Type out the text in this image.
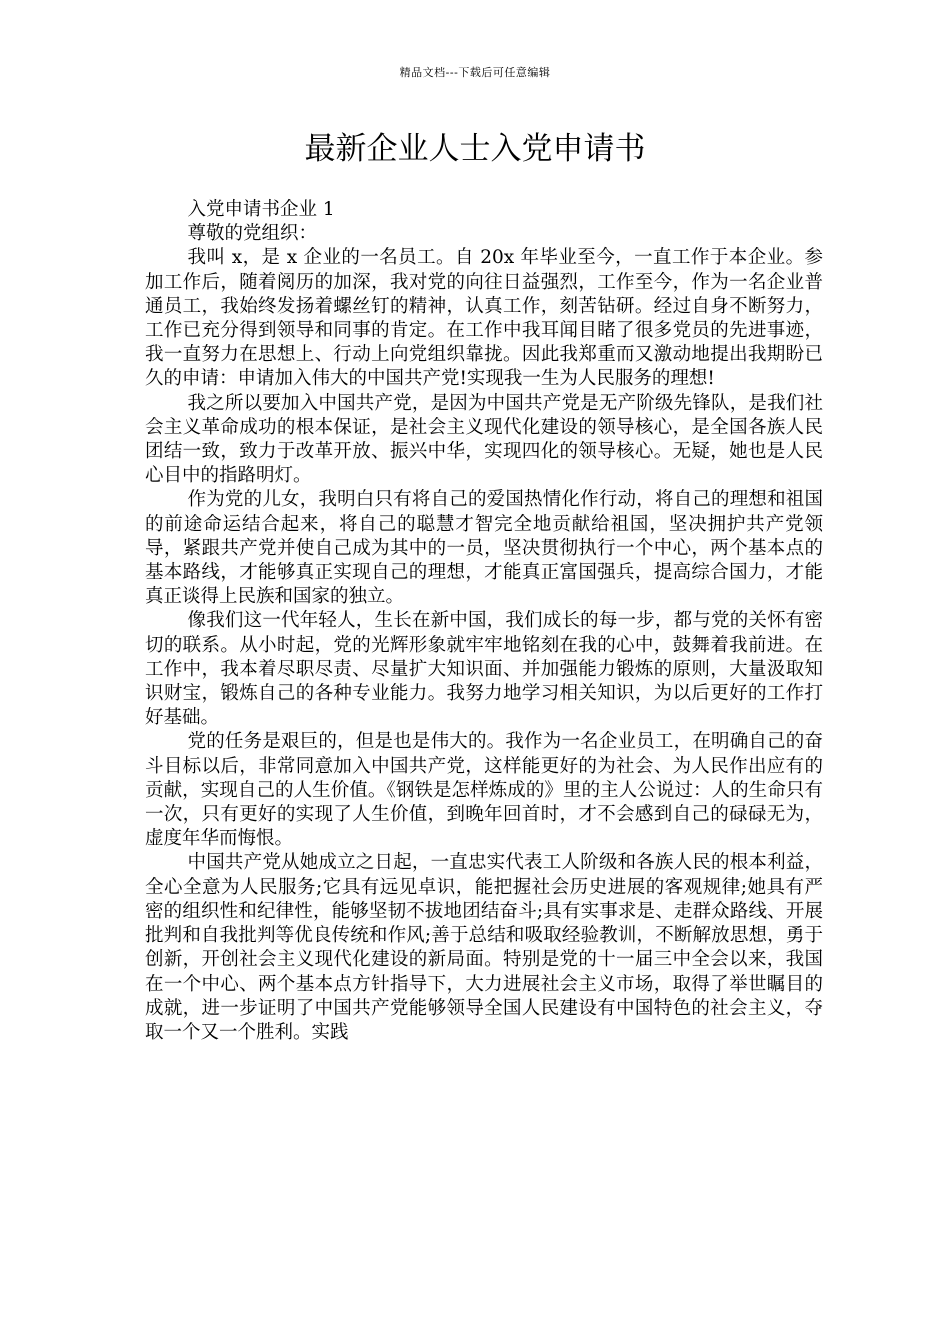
精品文档---下载后可任意编辑
最新企业人士入党申请书

入党申请书企业 1

尊敬的党组织：

我叫 x，是 x 企业的一名员工。自 20x 年毕业至今，一直工作于本企业。参加工作后，随着阅历的加深，我对党的向往日益强烈，工作至今，作为一名企业普通员工，我始终发扬着螺丝钉的精神，认真工作，刻苦钻研。经过自身不断努力，工作已充分得到领导和同事的肯定。在工作中我耳闻目睹了很多党员的先进事迹，我一直努力在思想上、行动上向党组织靠拢。因此我郑重而又激动地提出我期盼已久的申请：申请加入伟大的中国共产党!实现我一生为人民服务的理想!

我之所以要加入中国共产党，是因为中国共产党是无产阶级先锋队，是我们社会主义革命成功的根本保证，是社会主义现代化建设的领导核心，是全国各族人民团结一致，致力于改革开放、振兴中华，实现四化的领导核心。无疑，她也是人民心目中的指路明灯。

作为党的儿女，我明白只有将自己的爱国热情化作行动，将自己的理想和祖国的前途命运结合起来，将自己的聪慧才智完全地贡献给祖国，坚决拥护共产党领导，紧跟共产党并使自己成为其中的一员，坚决贯彻执行一个中心，两个基本点的基本路线，才能够真正实现自己的理想，才能真正富国强兵，提高综合国力，才能真正谈得上民族和国家的独立。

像我们这一代年轻人，生长在新中国，我们成长的每一步，都与党的关怀有密切的联系。从小时起，党的光辉形象就牢牢地铭刻在我的心中，鼓舞着我前进。在工作中，我本着尽职尽责、尽量扩大知识面、并加强能力锻炼的原则，大量汲取知识财宝，锻炼自己的各种专业能力。我努力地学习相关知识，为以后更好的工作打好基础。

党的任务是艰巨的，但是也是伟大的。我作为一名企业员工，在明确自己的奋斗目标以后，非常同意加入中国共产党，这样能更好的为社会、为人民作出应有的贡献，实现自己的人生价值。《钢铁是怎样炼成的》里的主人公说过：人的生命只有一次，只有更好的实现了人生价值，到晚年回首时，才不会感到自己的碌碌无为，虚度年华而悔恨。

中国共产党从她成立之日起，一直忠实代表工人阶级和各族人民的根本利益，全心全意为人民服务;它具有远见卓识，能把握社会历史进展的客观规律;她具有严密的组织性和纪律性，能够坚韧不拔地团结奋斗;具有实事求是、走群众路线、开展批判和自我批判等优良传统和作风;善于总结和吸取经验教训，不断解放思想，勇于创新，开创社会主义现代化建设的新局面。特别是党的十一届三中全会以来，我国在一个中心、两个基本点方针指导下，大力进展社会主义市场，取得了举世瞩目的成就，进一步证明了中国共产党能够领导全国人民建设有中国特色的社会主义，夺取一个又一个胜利。实践
